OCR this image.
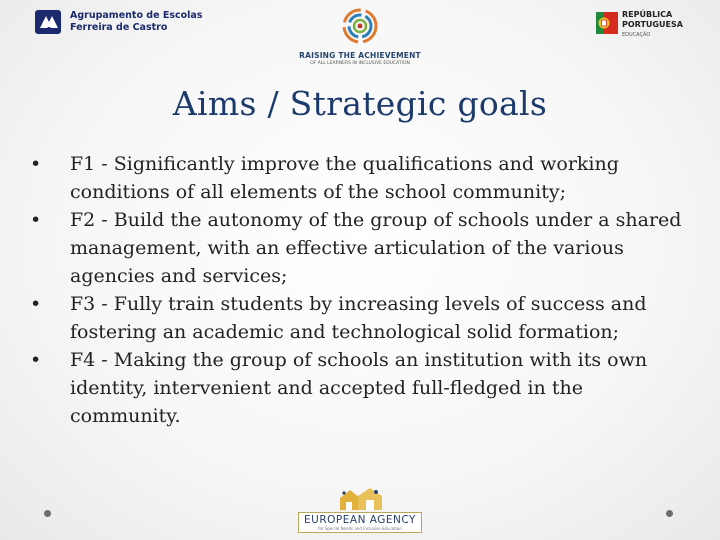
Agrupamento de Escolas
Ferreira de Castro
RAISING THE ACHIEVEMENT
OF ALL LEARNERS IN INCLUSIVE EDUCATION
REPÚBLICA
PORTUGUESA
EDUCAÇÃO
Aims / Strategic goals
•	F1 - Significantly improve the qualifications and working conditions of all elements of the school community;
•	F2 - Build the autonomy of the group of schools under a shared management, with an effective articulation of the various agencies and services;
•	F3 - Fully train students by increasing levels of success and fostering an academic and technological solid formation;
•	F4 - Making the group of schools an institution with its own identity, intervenient and accepted full-fledged in the community.
EUROPEAN AGENCY
for Special Needs and Inclusive Education
